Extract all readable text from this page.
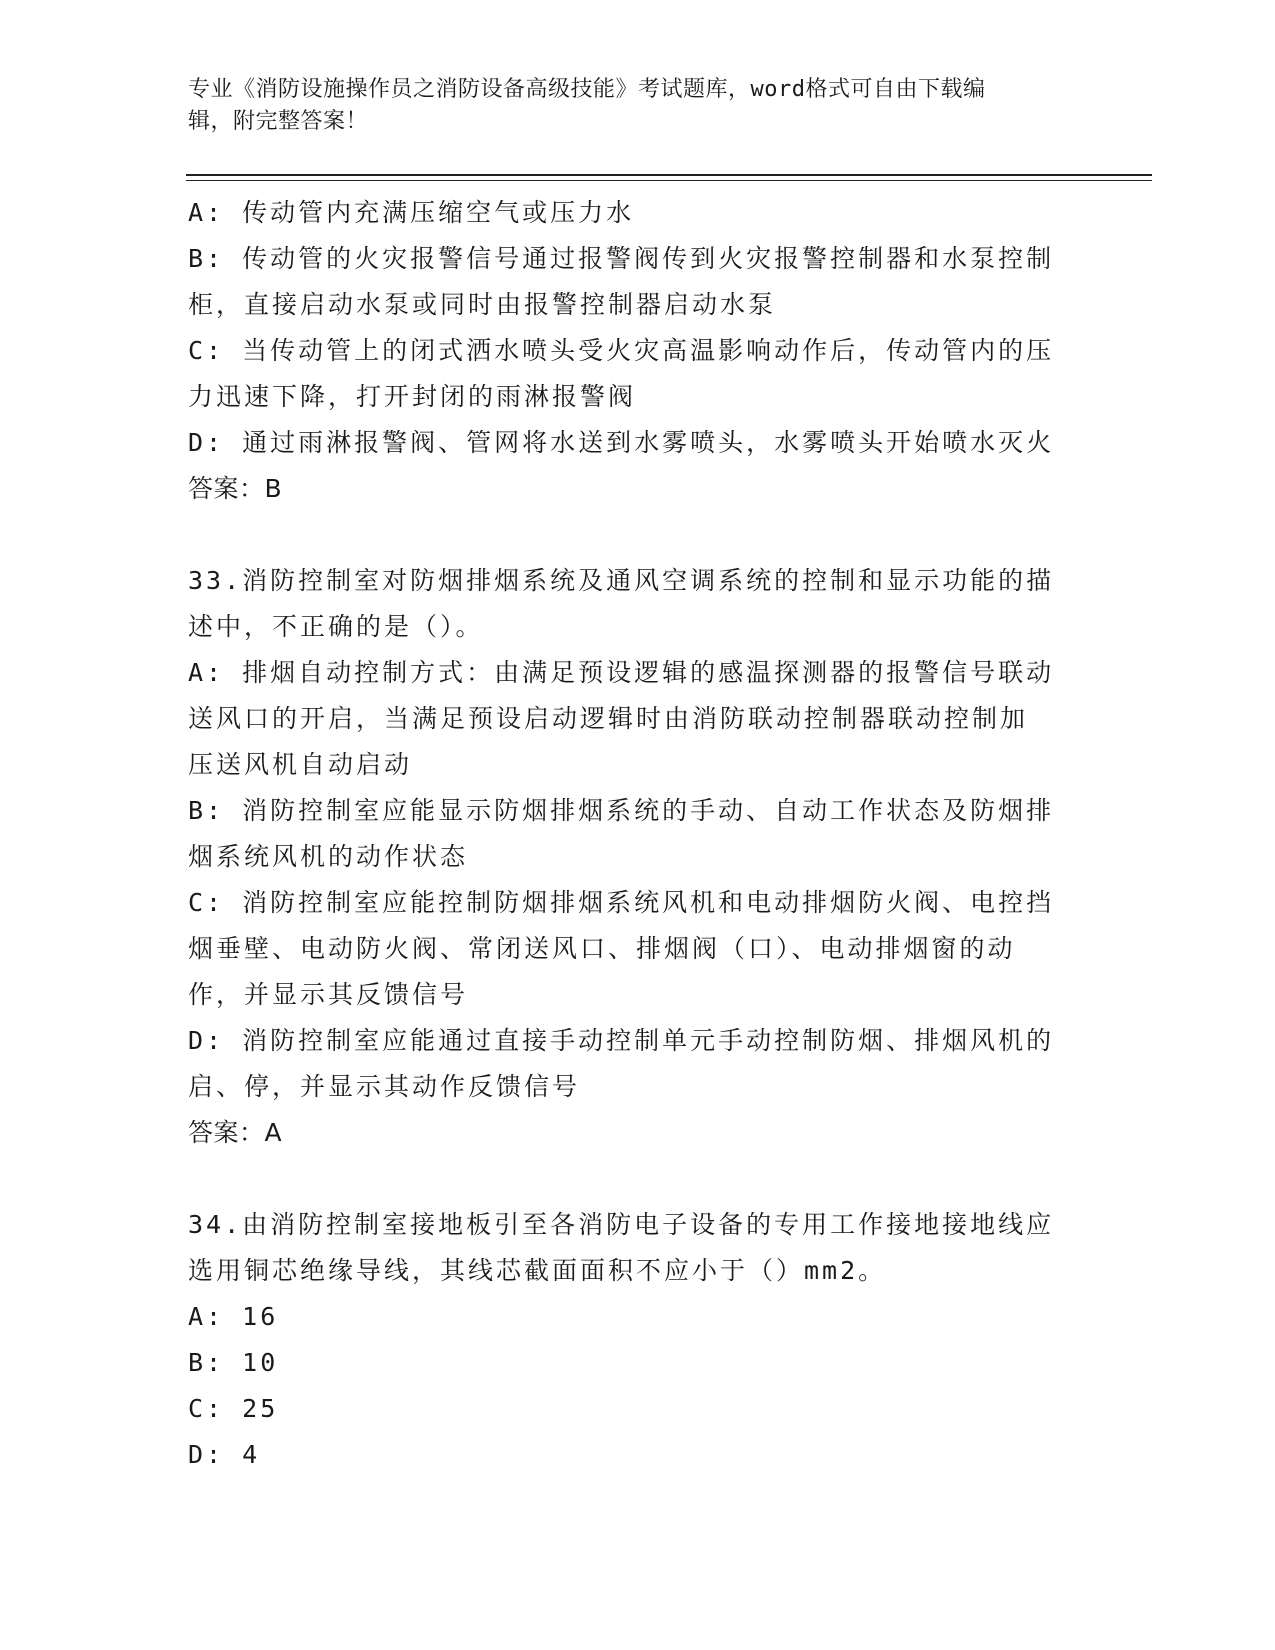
专业《消防设施操作员之消防设备高级技能》考试题库，word格式可自由下载编
辑，附完整答案！

A: 传动管内充满压缩空气或压力水

B: 传动管的火灾报警信号通过报警阀传到火灾报警控制器和水泵控制

柜，直接启动水泵或同时由报警控制器启动水泵

C: 当传动管上的闭式洒水喷头受火灾高温影响动作后，传动管内的压

力迅速下降，打开封闭的雨淋报警阀

D: 通过雨淋报警阀、管网将水送到水雾喷头，水雾喷头开始喷水灭火

答案：B

33.消防控制室对防烟排烟系统及通风空调系统的控制和显示功能的描

述中，不正确的是（）。

A: 排烟自动控制方式：由满足预设逻辑的感温探测器的报警信号联动

送风口的开启，当满足预设启动逻辑时由消防联动控制器联动控制加

压送风机自动启动

B: 消防控制室应能显示防烟排烟系统的手动、自动工作状态及防烟排

烟系统风机的动作状态

C: 消防控制室应能控制防烟排烟系统风机和电动排烟防火阀、电控挡

烟垂壁、电动防火阀、常闭送风口、排烟阀（口）、电动排烟窗的动

作，并显示其反馈信号

D: 消防控制室应能通过直接手动控制单元手动控制防烟、排烟风机的

启、停，并显示其动作反馈信号

答案：A

34.由消防控制室接地板引至各消防电子设备的专用工作接地接地线应

选用铜芯绝缘导线，其线芯截面面积不应小于（）mm2。

A: 16

B: 10

C: 25

D: 4
